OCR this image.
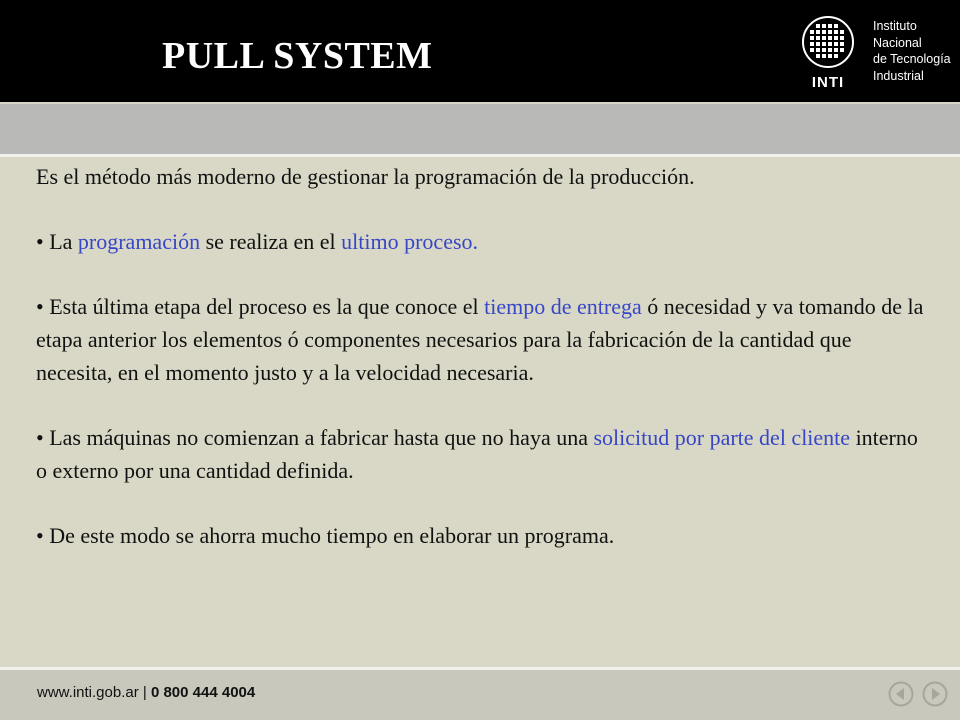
PULL SYSTEM
INTI
Instituto
Nacional
de Tecnología
Industrial

Es el método más moderno de gestionar la programación de la producción.

• La programación se realiza en el ultimo proceso.

• Esta última etapa del proceso es la que conoce el tiempo de entrega ó necesidad y va tomando de la etapa anterior los elementos ó componentes necesarios para la fabricación de la cantidad que necesita, en el momento justo y a la velocidad necesaria.

• Las máquinas no comienzan a fabricar hasta que no haya una solicitud por parte del cliente interno o externo por una cantidad definida.

• De este modo se ahorra mucho tiempo en elaborar un programa.

www.inti.gob.ar | 0 800 444 4004
